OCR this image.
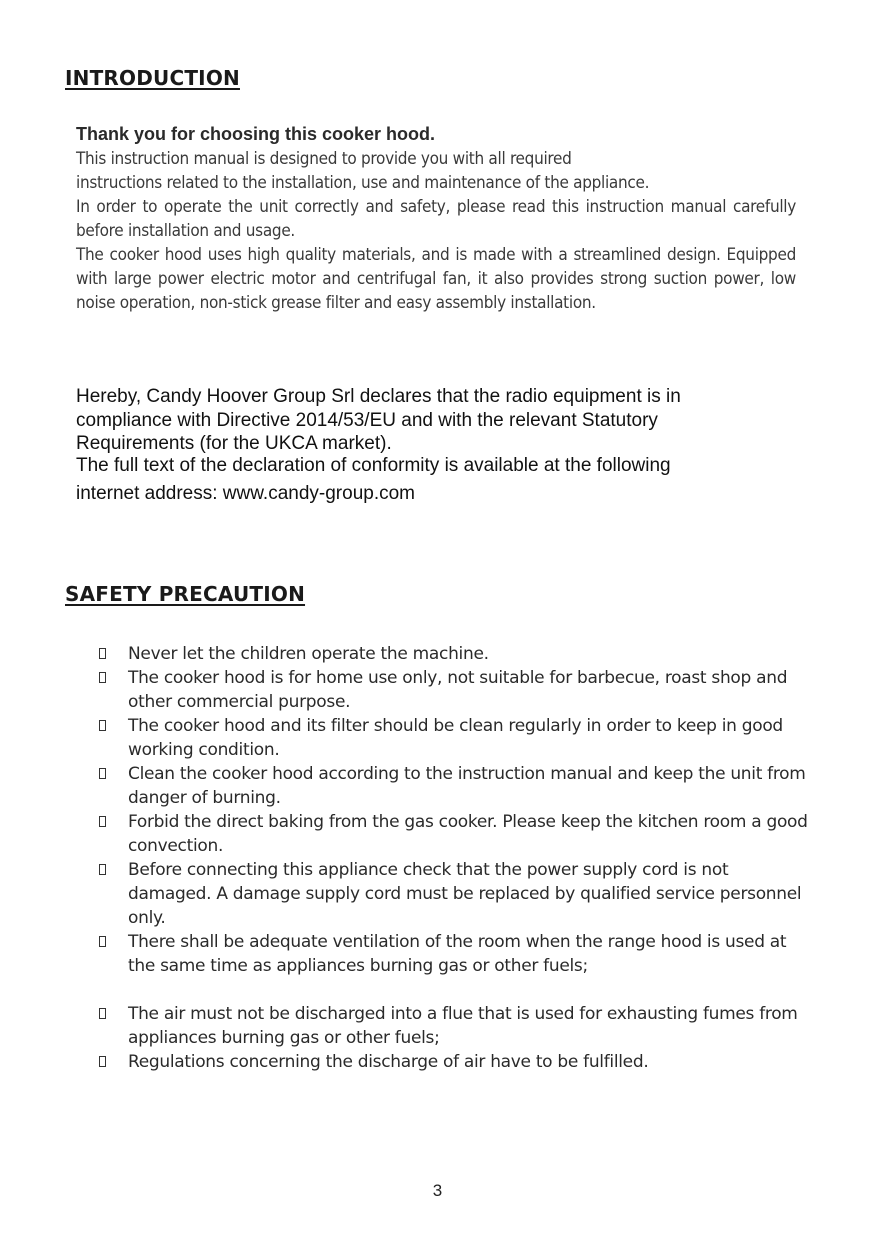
INTRODUCTION
Thank you for choosing this cooker hood.

This instruction manual is designed to provide you with all required

instructions related to the installation, use and maintenance of the appliance.

In order to operate the unit correctly and safety, please read this instruction manual carefully before installation and usage.

The cooker hood uses high quality materials, and is made with a streamlined design. Equipped with large power electric motor and centrifugal fan, it also provides strong suction power, low noise operation, non-stick grease filter and easy assembly installation.

Hereby, Candy Hoover Group Srl declares that the radio equipment is in

compliance with Directive 2014/53/EU and with the relevant Statutory

Requirements (for the UKCA market).

The full text of the declaration of conformity is available at the following

internet address: www.candy-group.com

SAFETY PRECAUTION
Never let the children operate the machine.
The cooker hood is for home use only, not suitable for barbecue, roast shop and other commercial purpose.
The cooker hood and its filter should be clean regularly in order to keep in good working condition.
Clean the cooker hood according to the instruction manual and keep the unit from danger of burning.
Forbid the direct baking from the gas cooker. Please keep the kitchen room a good convection.
Before connecting this appliance check that the power supply cord is not damaged. A damage supply cord must be replaced by qualified service personnel only.
There shall be adequate ventilation of the room when the range hood is used at the same time as appliances burning gas or other fuels;
The air must not be discharged into a flue that is used for exhausting fumes from appliances burning gas or other fuels;
Regulations concerning the discharge of air have to be fulfilled.
3
